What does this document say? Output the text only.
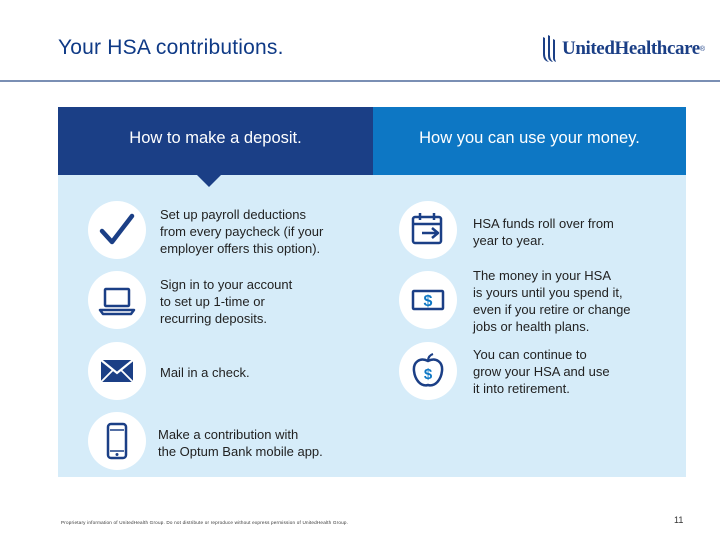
Your HSA contributions.	UnitedHealthcare ®
How to make a deposit.	How you can use your money.
Set up payroll deductions
from every paycheck (if your
employer offers this option).
Sign in to your account
to set up 1-time or
recurring deposits.
Mail in a check.
Make a contribution with
the Optum Bank mobile app.
HSA funds roll over from
year to year.
$
The money in your HSA
is yours until you spend it,
even if you retire or change
jobs or health plans.
$
You can continue to
grow your HSA and use
it into retirement.
Proprietary information of UnitedHealth Group. Do not distribute or reproduce without express permission of UnitedHealth Group.	11
